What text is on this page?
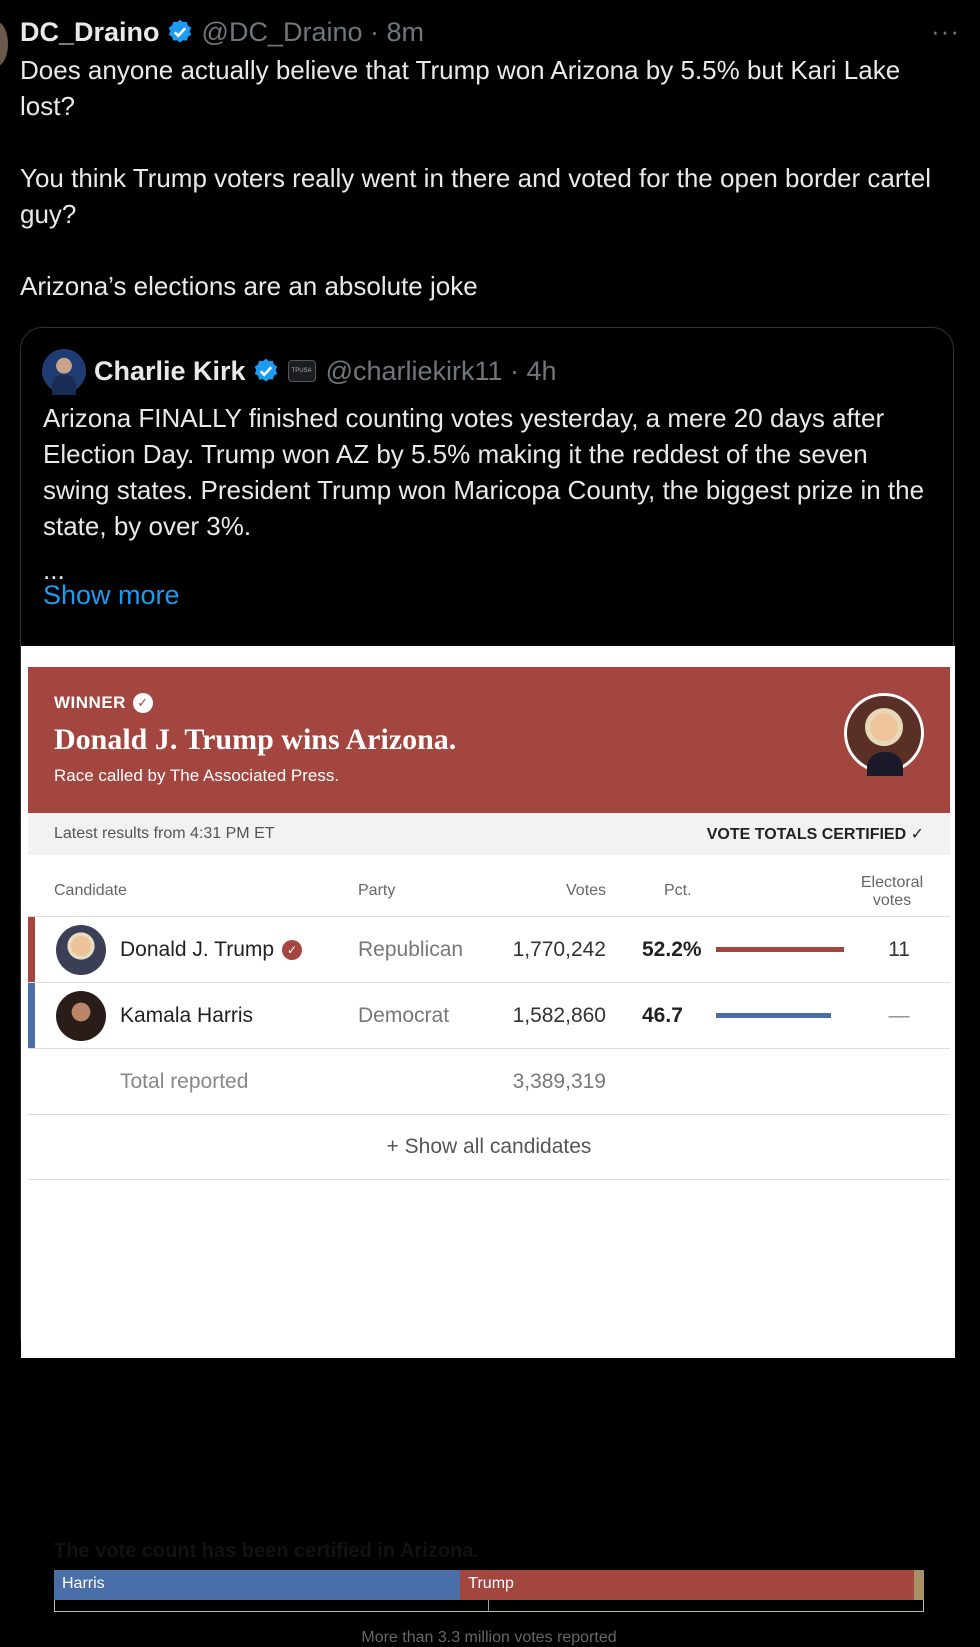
DC_Draino @DC_Draino · 8m	···

Does anyone actually believe that Trump won Arizona by 5.5% but Kari Lake lost?

You think Trump voters really went in there and voted for the open border cartel guy?

Arizona’s elections are an absolute joke

Charlie Kirk	TPUSA @charliekirk11 · 4h

Arizona FINALLY finished counting votes yesterday, a mere 20 days after Election Day. Trump won AZ by 5.5% making it the reddest of the seven swing states. President Trump won Maricopa County, the biggest prize in the state, by over 3%.

...

Show more
WINNER ✓
Donald J. Trump wins Arizona.
Race called by The Associated Press.
Latest results from 4:31 PM ET	VOTE TOTALS CERTIFIED ✓
Candidate	Party	Votes	Pct.	Electoral
votes
Donald J. Trump	✓	Republican	1,770,242 52.2%	11
Kamala Harris	Democrat	1,582,860 46.7	—
Total reported	3,389,319
+ Show all candidates
The vote count has been certified in Arizona.
Harris	Trump
More than 3.3 million votes reported
